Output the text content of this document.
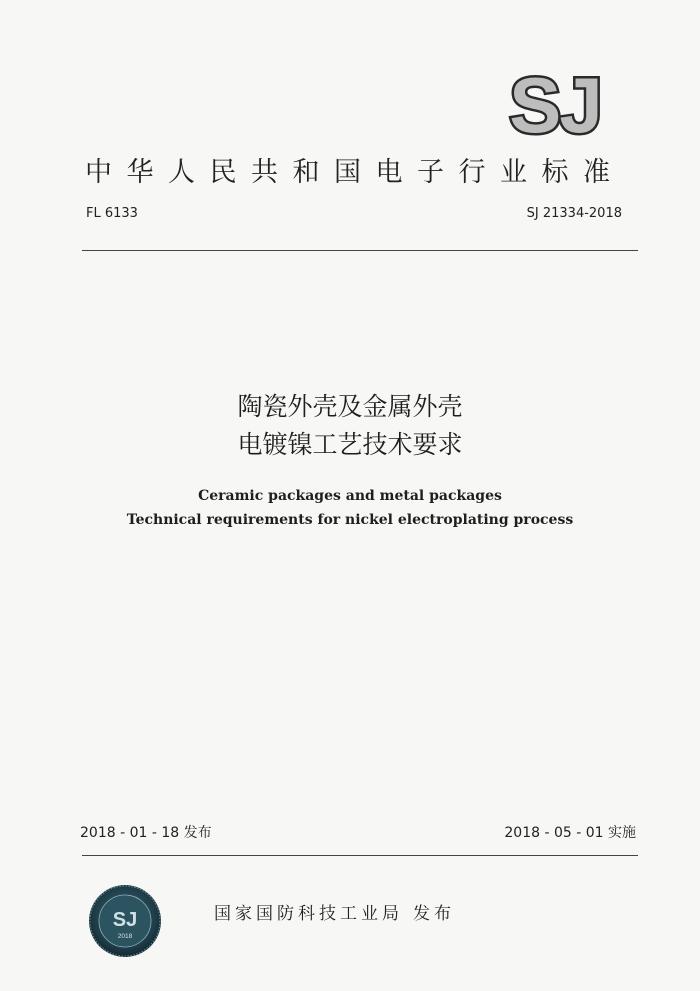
SJ
中华人民共和国电子行业标准
FL 6133	SJ 21334-2018
陶瓷外壳及金属外壳
电镀镍工艺技术要求
Ceramic packages and metal packages
Technical requirements for nickel electroplating process
2018 - 01 - 18 发布	2018 - 05 - 01 实施
SJ
2018
国家国防科技工业局 发布
